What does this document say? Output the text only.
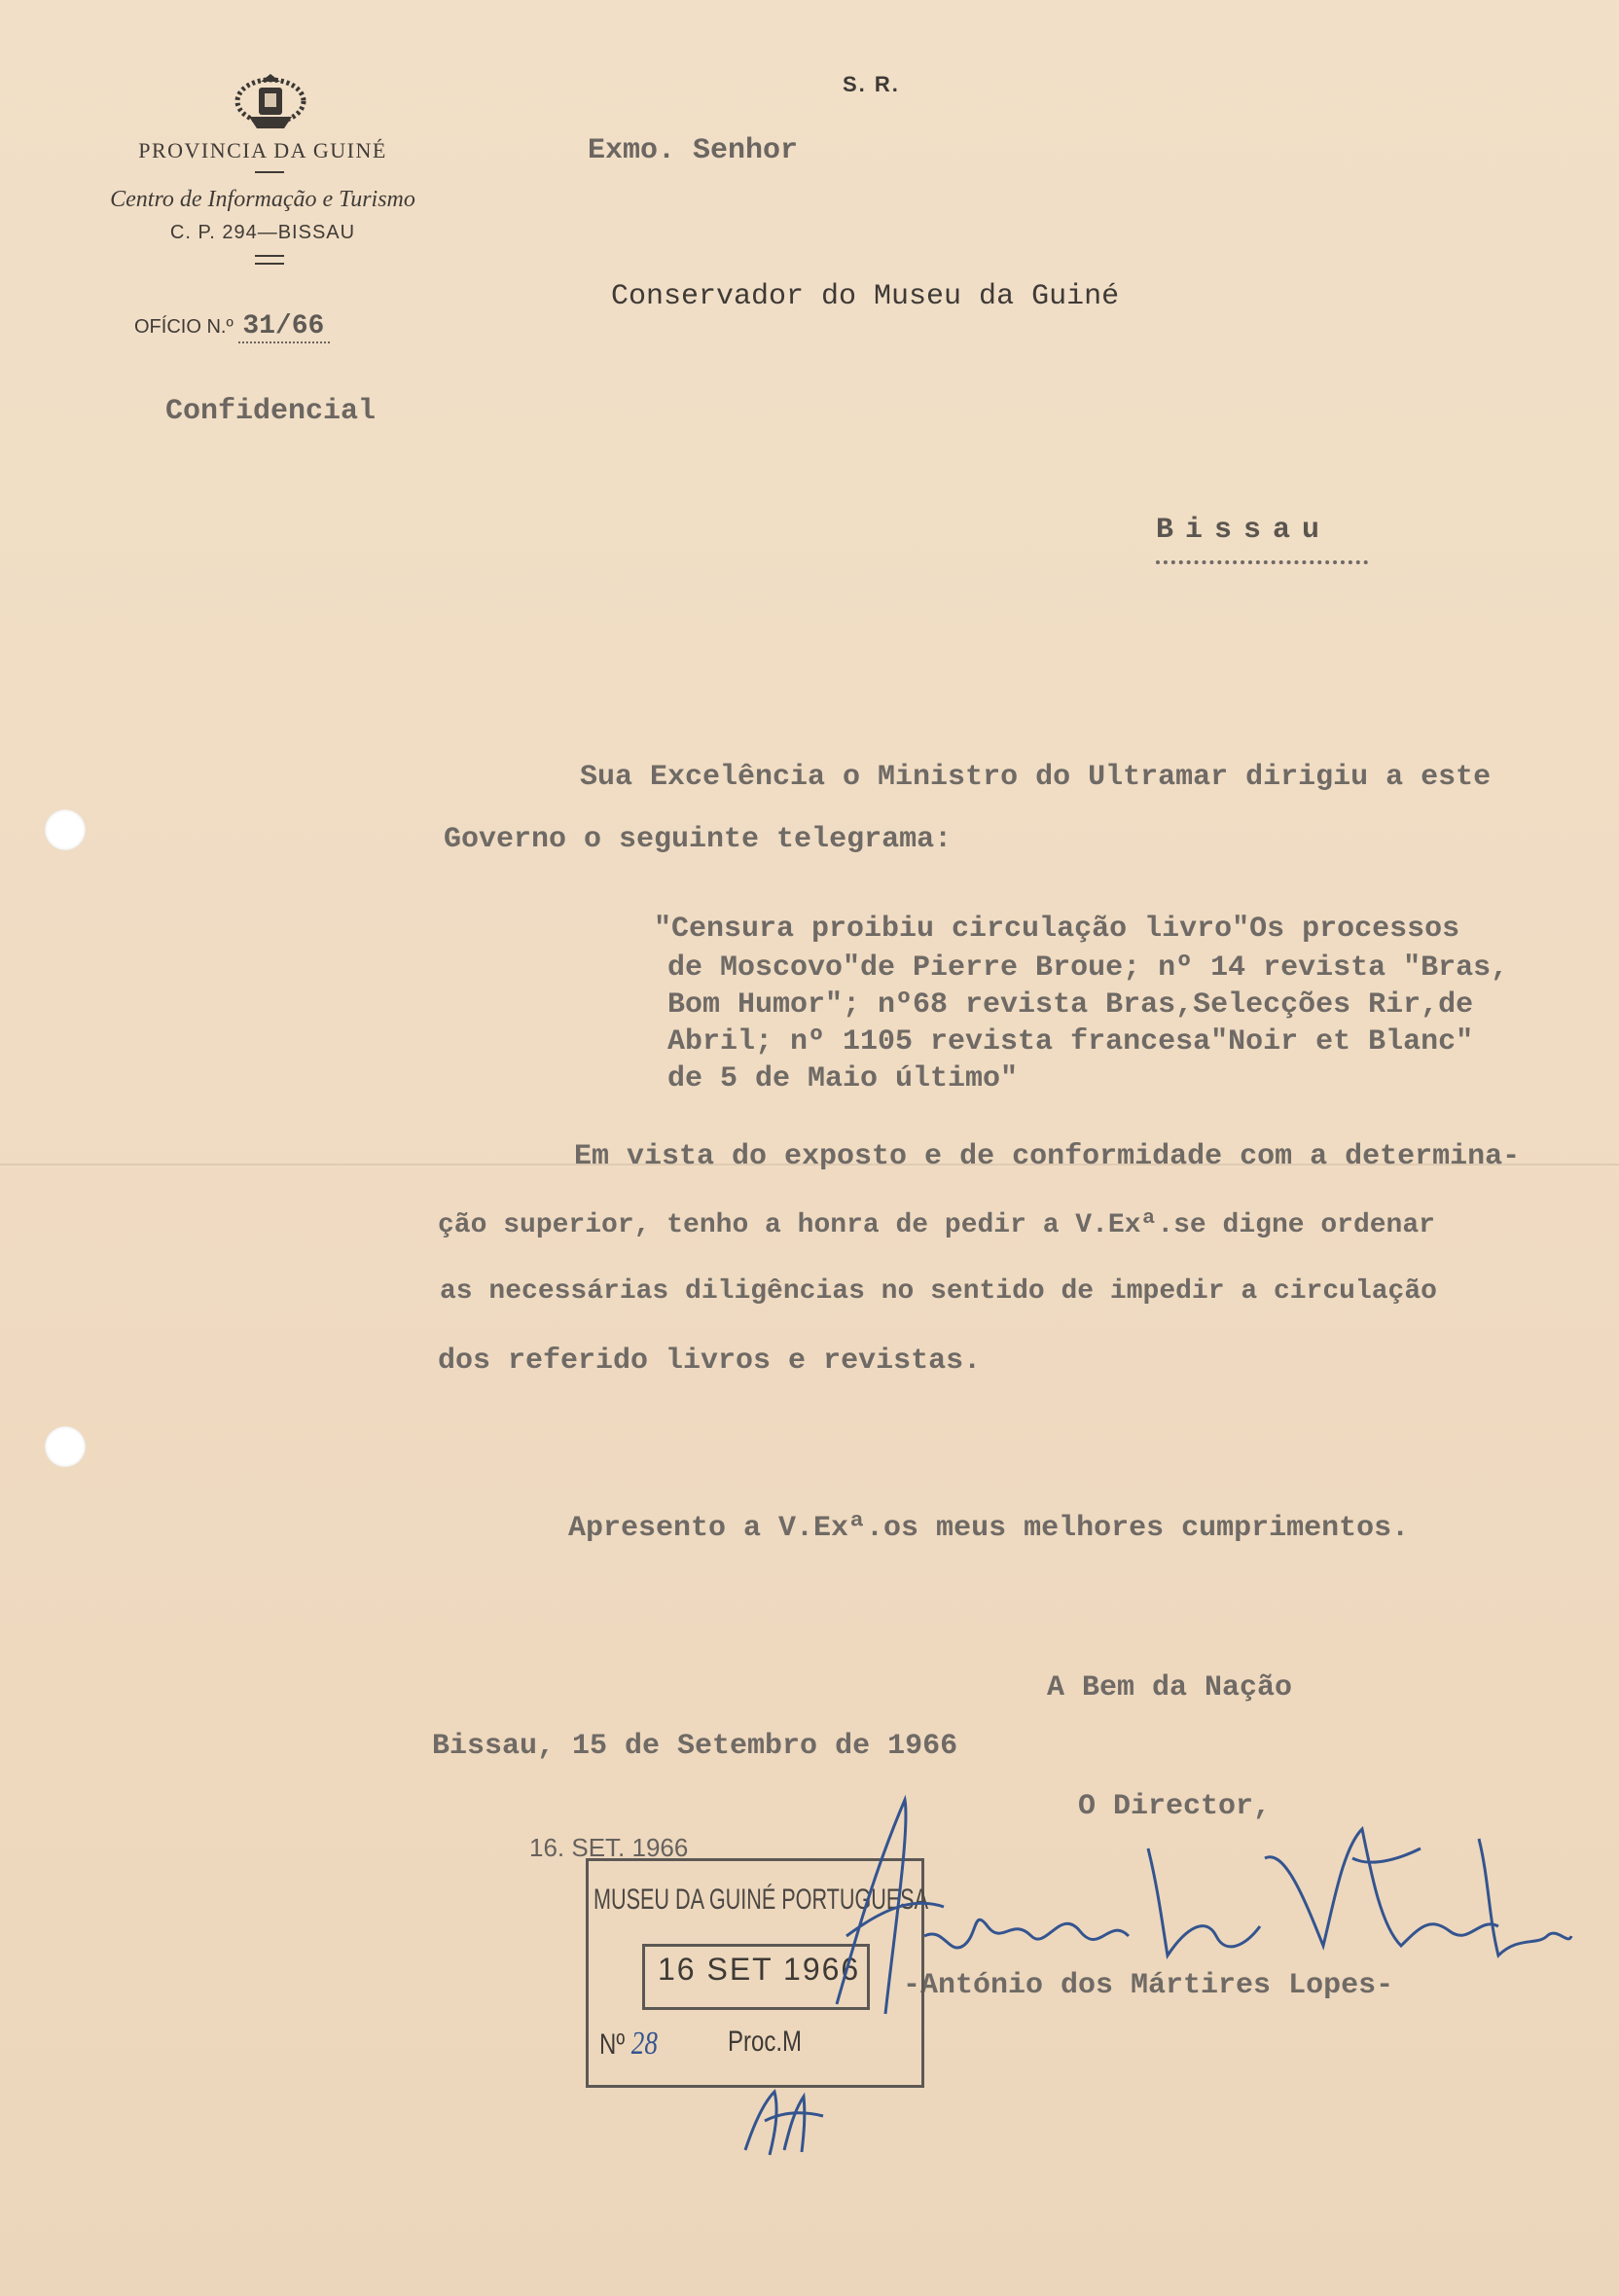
PROVINCIA DA GUINÉ
Centro de Informação e Turismo
C. P. 294—BISSAU
OFÍCIO N.º 31/66
Confidencial
S. R.
Exmo. Senhor
Conservador do Museu da Guiné
Bissau
Sua Excelência o Ministro do Ultramar dirigiu a este
Governo o seguinte telegrama:
"Censura proibiu circulação livro"Os processos
de Moscovo"de Pierre Broue; nº 14 revista "Bras,
Bom Humor"; nº68 revista Bras,Selecções Rir,de
Abril; nº 1105 revista francesa"Noir et Blanc"
de 5 de Maio último"
Em vista do exposto e de conformidade com a determina-
ção superior, tenho a honra de pedir a V.Exª.se digne ordenar
as necessárias diligências no sentido de impedir a circulação
dos referido livros e revistas.
Apresento a V.Exª.os meus melhores cumprimentos.
A Bem da Nação
Bissau, 15 de Setembro de 1966
O Director,
-António dos Mártires Lopes-
16. SET. 1966
MUSEU DA GUINÉ PORTUGUESA
16 SET 1966
Nº 28 Proc.M
